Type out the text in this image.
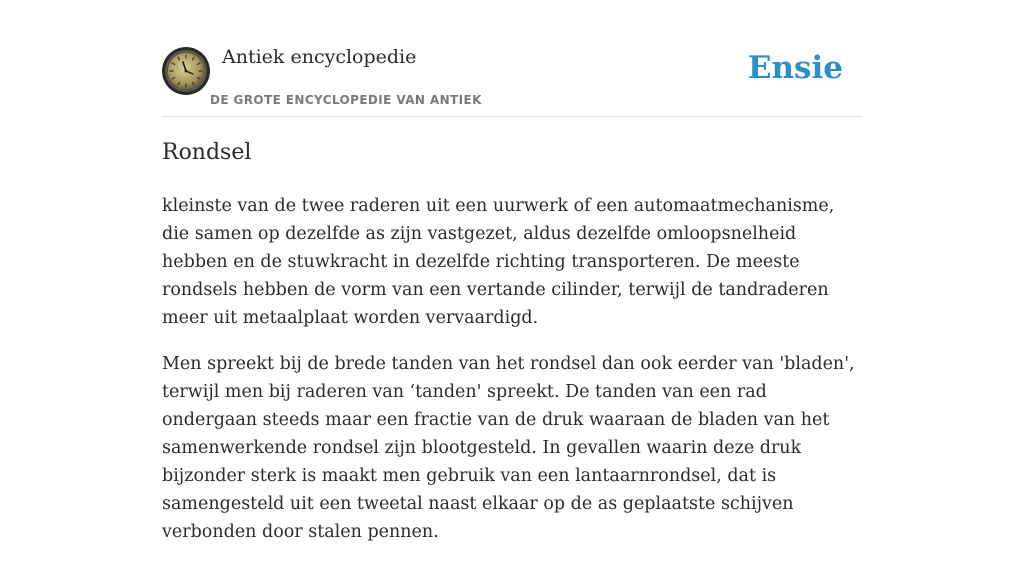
Antiek encyclopedie
DE GROTE ENCYCLOPEDIE VAN ANTIEK
Ensie
Rondsel

kleinste van de twee raderen uit een uurwerk of een automaatmechanisme, die samen op dezelfde as zijn vastgezet, aldus dezelfde omloopsnelheid hebben en de stuwkracht in dezelfde richting transporteren. De meeste rondsels hebben de vorm van een vertande cilinder, terwijl de tandraderen meer uit metaalplaat worden vervaardigd.

Men spreekt bij de brede tanden van het rondsel dan ook eerder van 'bladen', terwijl men bij raderen van ‘tanden' spreekt. De tanden van een rad ondergaan steeds maar een fractie van de druk waaraan de bladen van het samenwerkende rondsel zijn blootgesteld. In gevallen waarin deze druk bijzonder sterk is maakt men gebruik van een lantaarnrondsel, dat is samengesteld uit een tweetal naast elkaar op de as geplaatste schijven verbonden door stalen pennen.
